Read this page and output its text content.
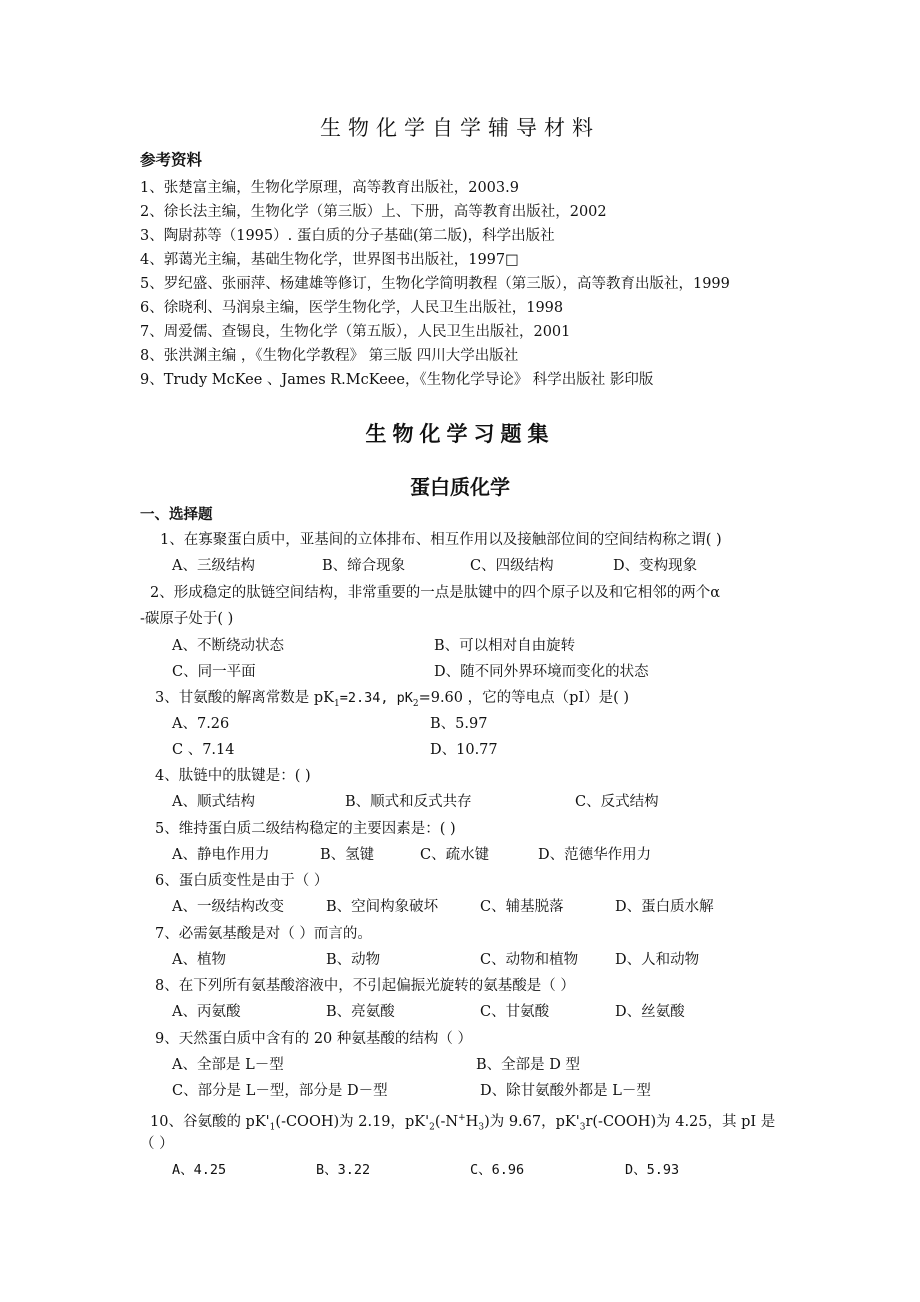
生物化学自学辅导材料
参考资料
1、张楚富主编，生物化学原理，高等教育出版社，2003.9
2、徐长法主编，生物化学（第三版）上、下册，高等教育出版社，2002
3、陶尉荪等（1995）. 蛋白质的分子基础(第二版)，科学出版社
4、郭蔼光主编，基础生物化学，世界图书出版社，1997□
5、罗纪盛、张丽萍、杨建雄等修订，生物化学简明教程（第三版），高等教育出版社，1999
6、徐晓利、马润泉主编，医学生物化学，人民卫生出版社，1998
7、周爱儒、查锡良，生物化学（第五版），人民卫生出版社，2001
8、张洪渊主编 ，《生物化学教程》 第三版 四川大学出版社
9、Trudy McKee 、James R.McKeee，《生物化学导论》 科学出版社 影印版
生物化学习题集
蛋白质化学
一、选择题
1、在寡聚蛋白质中，亚基间的立体排布、相互作用以及接触部位间的空间结构称之谓( )
A、三级结构	B、缔合现象	C、四级结构	D、变构现象
2、形成稳定的肽链空间结构，非常重要的一点是肽键中的四个原子以及和它相邻的两个α
-碳原子处于( )
A、不断绕动状态	B、可以相对自由旋转
C、同一平面	D、随不同外界环境而变化的状态
3、甘氨酸的解离常数是 $pK_1=2.34$, $pK_2=9.60$ ，它的等电点（pI）是( )
A、7.26	B、5.97
C 、7.14	D、10.77
4、肽链中的肽键是：( )
A、顺式结构	B、顺式和反式共存	C、反式结构
5、维持蛋白质二级结构稳定的主要因素是：( )
A、静电作用力	B、氢键	C、疏水键	D、范德华作用力
6、蛋白质变性是由于（ ）
A、一级结构改变	B、空间构象破坏	C、辅基脱落	D、蛋白质水解
7、必需氨基酸是对（ ）而言的。
A、植物	B、动物	C、动物和植物	D、人和动物
8、在下列所有氨基酸溶液中，不引起偏振光旋转的氨基酸是（ ）
A、丙氨酸	B、亮氨酸	C、甘氨酸	D、丝氨酸
9、天然蛋白质中含有的 20 种氨基酸的结构（ ）
A、全部是 L－型	B、全部是 D 型
C、部分是 L－型，部分是 D－型	D、除甘氨酸外都是 L－型
10、谷氨酸的 $pK'_1(-COOH)$为 2.19，$pK'_2(-N^+H_3)$为 9.67，$pK'_3r(-COOH)$为 4.25，其 pI 是
（ ）
A、4.25	B、3.22	C、6.96	D、5.93
